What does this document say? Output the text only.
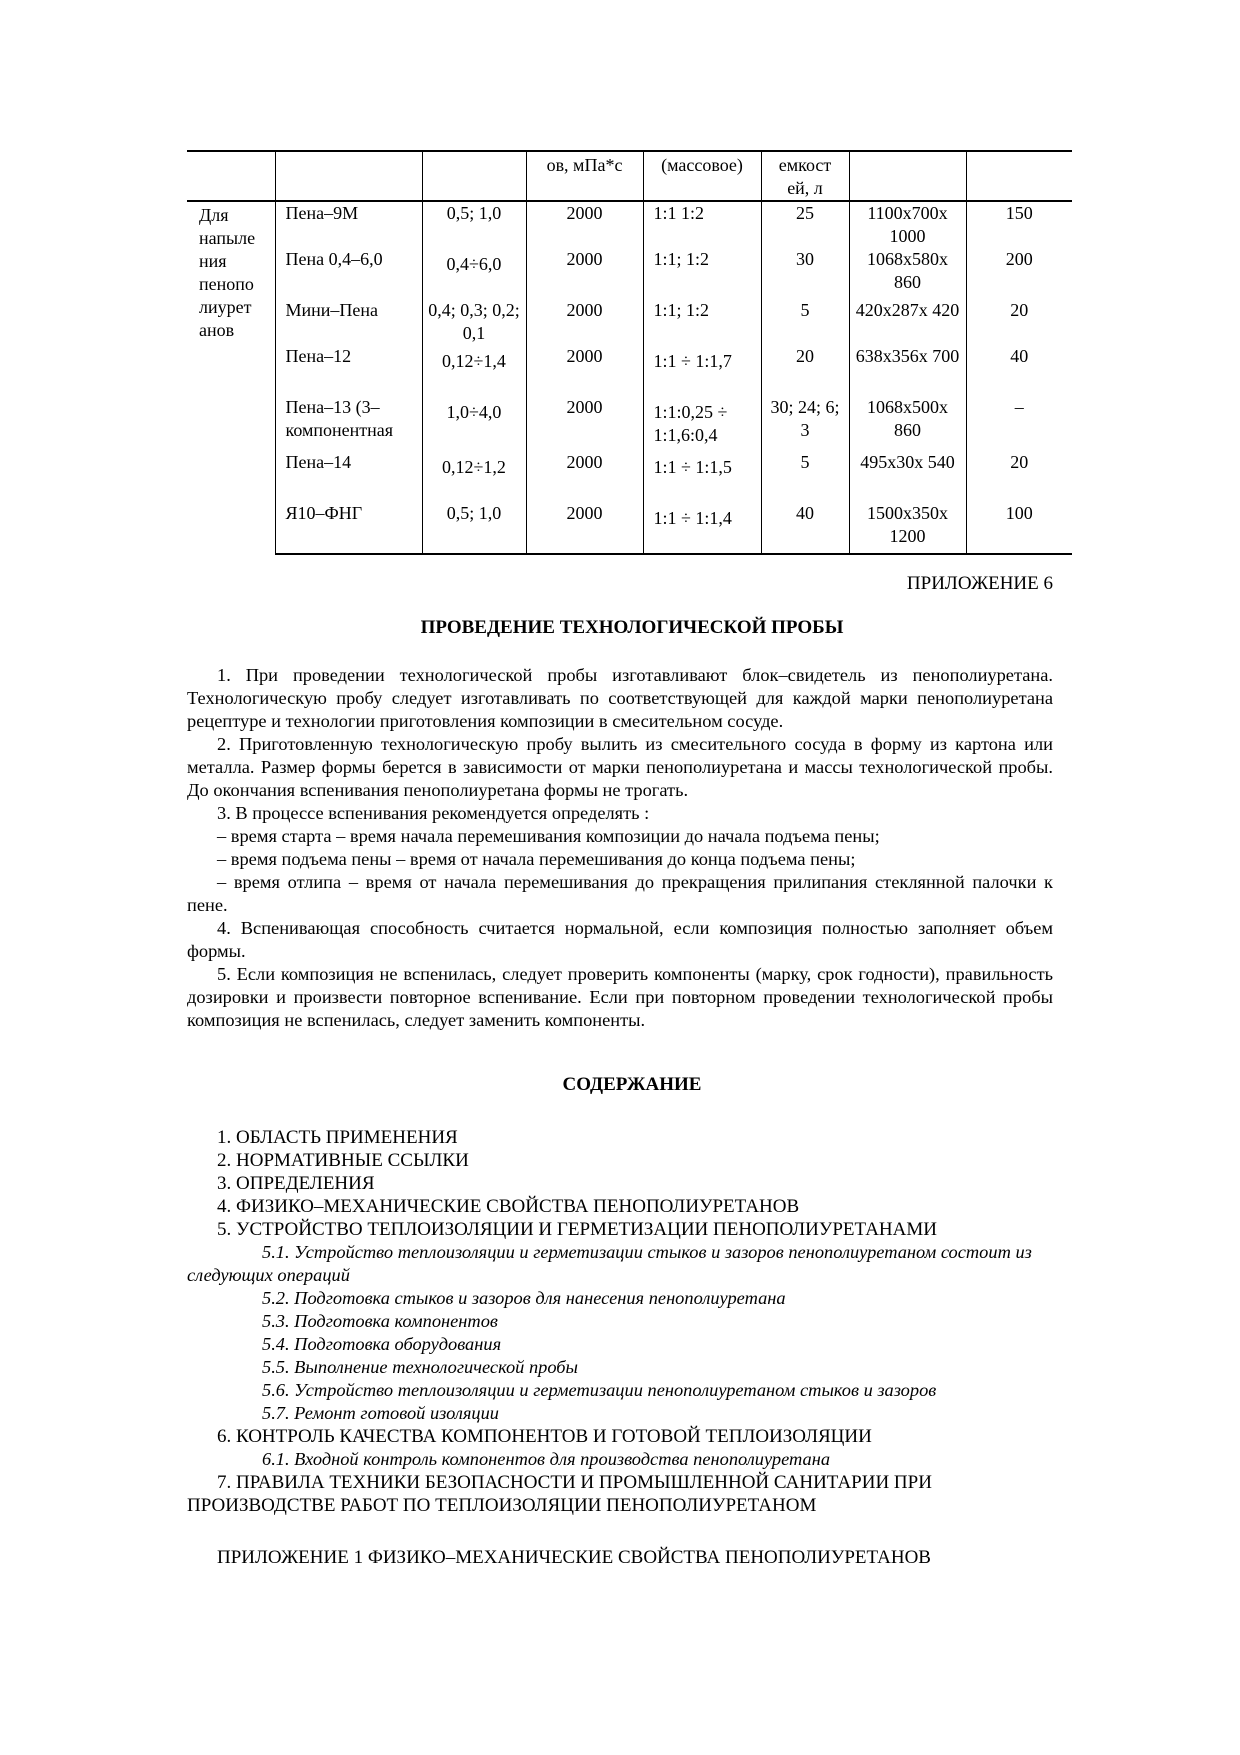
			ов, мПа*с	(массовое)	емкост ей, л		
Для напыле ния пенопо лиурет анов	Пена–9М	0,5; 1,0	2000	1:1 1:2	25	1100x700x 1000	150
	Пена 0,4–6,0	0,4÷6,0	2000	1:1; 1:2	30	1068x580x 860	200
	Мини–Пена	0,4; 0,3; 0,2; 0,1	2000	1:1; 1:2	5	420x287x 420	20
	Пена–12	0,12÷1,4	2000	1:1 ÷ 1:1,7	20	638x356x 700	40
	Пена–13 (3– компонентная	1,0÷4,0	2000	1:1:0,25 ÷ 1:1,6:0,4	30; 24; 6; 3	1068x500x 860	–
	Пена–14	0,12÷1,2	2000	1:1 ÷ 1:1,5	5	495x30x 540	20
	Я10–ФНГ	0,5; 1,0	2000	1:1 ÷ 1:1,4	40	1500x350x 1200	100
ПРИЛОЖЕНИЕ 6
ПРОВЕДЕНИЕ ТЕХНОЛОГИЧЕСКОЙ ПРОБЫ

1. При проведении технологической пробы изготавливают блок–свидетель из пенополиуретана. Технологическую пробу следует изготавливать по соответствующей для каждой марки пенополиуретана рецептуре и технологии приготовления композиции в смесительном сосуде.

2. Приготовленную технологическую пробу вылить из смесительного сосуда в форму из картона или металла. Размер формы берется в зависимости от марки пенополиуретана и массы технологической пробы. До окончания вспенивания пенополиуретана формы не трогать.

3. В процессе вспенивания рекомендуется определять :

– время старта – время начала перемешивания композиции до начала подъема пены;

– время подъема пены – время от начала перемешивания до конца подъема пены;

– время отлипа – время от начала перемешивания до прекращения прилипания стеклянной палочки к пене.

4. Вспенивающая способность считается нормальной, если композиция полностью заполняет объем формы.

5. Если композиция не вспенилась, следует проверить компоненты (марку, срок годности), правильность дозировки и произвести повторное вспенивание. Если при повторном проведении технологической пробы композиция не вспенилась, следует заменить компоненты.

СОДЕРЖАНИЕ

1. ОБЛАСТЬ ПРИМЕНЕНИЯ

2. НОРМАТИВНЫЕ ССЫЛКИ

3. ОПРЕДЕЛЕНИЯ

4. ФИЗИКО–МЕХАНИЧЕСКИЕ СВОЙСТВА ПЕНОПОЛИУРЕТАНОВ

5. УСТРОЙСТВО ТЕПЛОИЗОЛЯЦИИ И ГЕРМЕТИЗАЦИИ ПЕНОПОЛИУРЕТАНАМИ

5.1. Устройство теплоизоляции и герметизации стыков и зазоров пенополиуретаном состоит из следующих операций

5.2. Подготовка стыков и зазоров для нанесения пенополиуретана

5.3. Подготовка компонентов

5.4. Подготовка оборудования

5.5. Выполнение технологической пробы

5.6. Устройство теплоизоляции и герметизации пенополиуретаном стыков и зазоров

5.7. Ремонт готовой изоляции

6. КОНТРОЛЬ КАЧЕСТВА КОМПОНЕНТОВ И ГОТОВОЙ ТЕПЛОИЗОЛЯЦИИ

6.1. Входной контроль компонентов для производства пенополиуретана

7. ПРАВИЛА ТЕХНИКИ БЕЗОПАСНОСТИ И ПРОМЫШЛЕННОЙ САНИТАРИИ ПРИ ПРОИЗВОДСТВЕ РАБОТ ПО ТЕПЛОИЗОЛЯЦИИ ПЕНОПОЛИУРЕТАНОМ

ПРИЛОЖЕНИЕ 1 ФИЗИКО–МЕХАНИЧЕСКИЕ СВОЙСТВА ПЕНОПОЛИУРЕТАНОВ
